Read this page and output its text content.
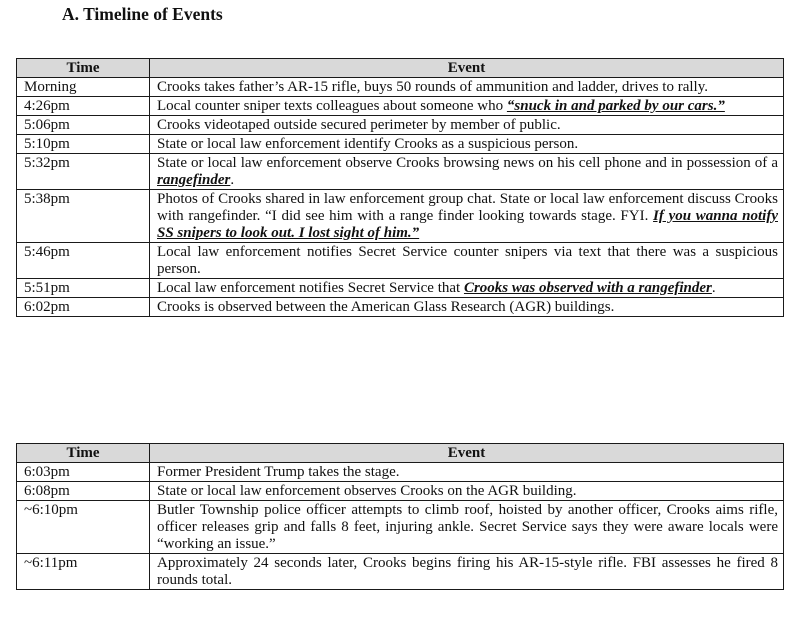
A. Timeline of Events
Time	Event
Morning	Crooks takes father’s AR-15 rifle, buys 50 rounds of ammunition and ladder, drives to rally.
4:26pm	Local counter sniper texts colleagues about someone who “snuck in and parked by our cars.”
5:06pm	Crooks videotaped outside secured perimeter by member of public.
5:10pm	State or local law enforcement identify Crooks as a suspicious person.
5:32pm	State or local law enforcement observe Crooks browsing news on his cell phone and in possession of a rangefinder.
5:38pm	Photos of Crooks shared in law enforcement group chat. State or local law enforcement discuss Crooks with rangefinder. “I did see him with a range finder looking towards stage. FYI. If you wanna notify SS snipers to look out. I lost sight of him.”
5:46pm	Local law enforcement notifies Secret Service counter snipers via text that there was a suspicious person.
5:51pm	Local law enforcement notifies Secret Service that Crooks was observed with a rangefinder.
6:02pm	Crooks is observed between the American Glass Research (AGR) buildings.
Time	Event
6:03pm	Former President Trump takes the stage.
6:08pm	State or local law enforcement observes Crooks on the AGR building.
~6:10pm	Butler Township police officer attempts to climb roof, hoisted by another officer, Crooks aims rifle, officer releases grip and falls 8 feet, injuring ankle. Secret Service says they were aware locals were “working an issue.”
~6:11pm	Approximately 24 seconds later, Crooks begins firing his AR-15-style rifle. FBI assesses he fired 8 rounds total.
